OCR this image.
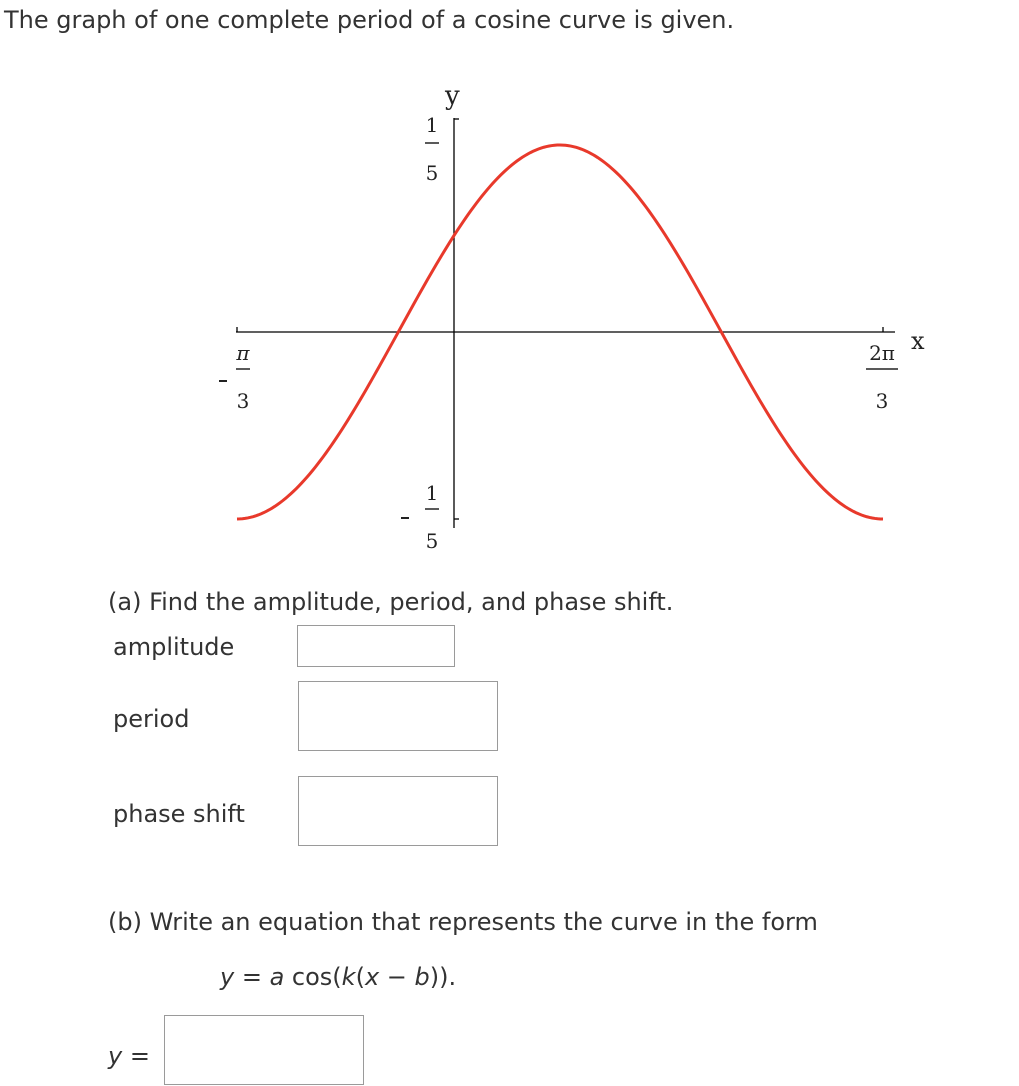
The graph of one complete period of a cosine curve is given.
y
x
π
3
2π
3
1
5
1
5
(a) Find the amplitude, period, and phase shift.
amplitude
period
phase shift
(b) Write an equation that represents the curve in the form
y = a cos(k(x − b)).
y =
